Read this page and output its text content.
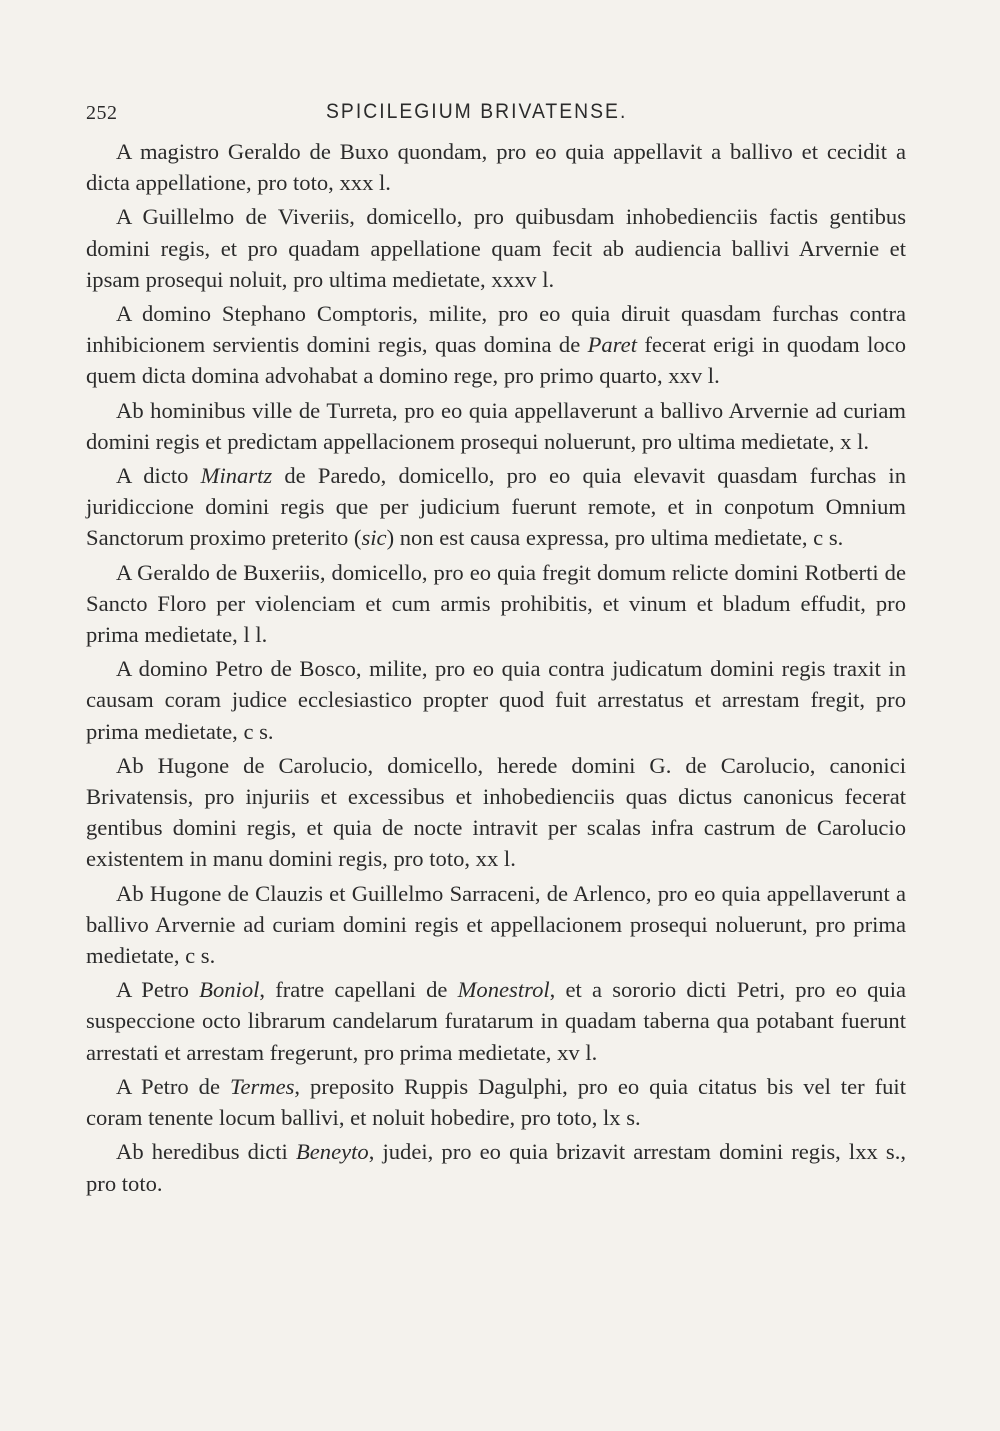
252	SPICILEGIUM BRIVATENSE.

A magistro Geraldo de Buxo quondam, pro eo quia appellavit a ballivo et cecidit a dicta appellatione, pro toto, xxx l.

A Guillelmo de Viveriis, domicello, pro quibusdam inhobedienciis factis gentibus domini regis, et pro quadam appellatione quam fecit ab audiencia ballivi Arvernie et ipsam prosequi noluit, pro ultima medietate, xxxv l.

A domino Stephano Comptoris, milite, pro eo quia diruit quasdam furchas contra inhibicionem servientis domini regis, quas domina de Paret fecerat erigi in quodam loco quem dicta domina advohabat a domino rege, pro primo quarto, xxv l.

Ab hominibus ville de Turreta, pro eo quia appellaverunt a ballivo Arvernie ad curiam domini regis et predictam appellacionem prosequi noluerunt, pro ultima medietate, x l.

A dicto Minartz de Paredo, domicello, pro eo quia elevavit quasdam furchas in juridiccione domini regis que per judicium fuerunt remote, et in conpotum Omnium Sanctorum proximo preterito (sic) non est causa expressa, pro ultima medietate, c s.

A Geraldo de Buxeriis, domicello, pro eo quia fregit domum relicte domini Rotberti de Sancto Floro per violenciam et cum armis prohibitis, et vinum et bladum effudit, pro prima medietate, l l.

A domino Petro de Bosco, milite, pro eo quia contra judicatum domini regis traxit in causam coram judice ecclesiastico propter quod fuit arrestatus et arrestam fregit, pro prima medietate, c s.

Ab Hugone de Carolucio, domicello, herede domini G. de Carolucio, canonici Brivatensis, pro injuriis et excessibus et inhobedienciis quas dictus canonicus fecerat gentibus domini regis, et quia de nocte intravit per scalas infra castrum de Carolucio existentem in manu domini regis, pro toto, xx l.

Ab Hugone de Clauzis et Guillelmo Sarraceni, de Arlenco, pro eo quia appellaverunt a ballivo Arvernie ad curiam domini regis et appellacionem prosequi noluerunt, pro prima medietate, c s.

A Petro Boniol, fratre capellani de Monestrol, et a sororio dicti Petri, pro eo quia suspeccione octo librarum candelarum furatarum in quadam taberna qua potabant fuerunt arrestati et arrestam fregerunt, pro prima medietate, xv l.

A Petro de Termes, preposito Ruppis Dagulphi, pro eo quia citatus bis vel ter fuit coram tenente locum ballivi, et noluit hobedire, pro toto, lx s.

Ab heredibus dicti Beneyto, judei, pro eo quia brizavit arrestam domini regis, lxx s., pro toto.
